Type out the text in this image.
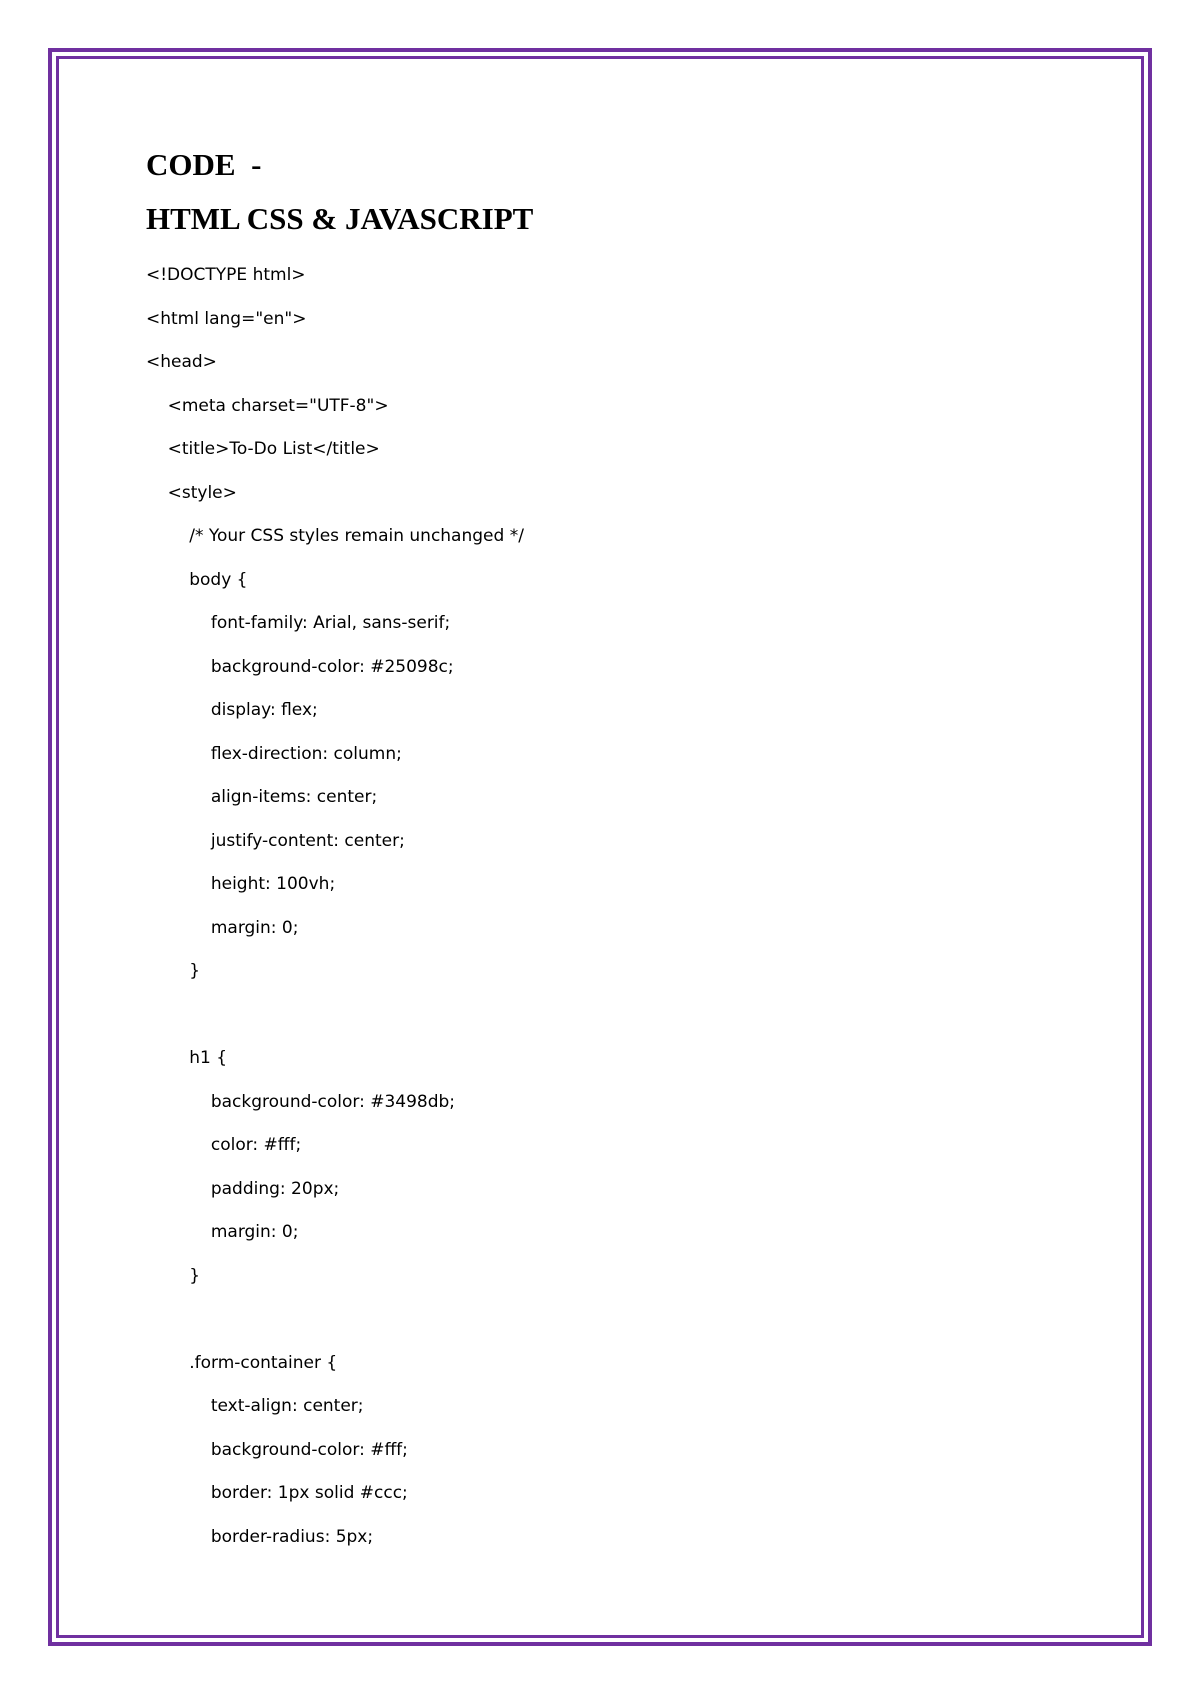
CODE  -
HTML CSS & JAVASCRIPT
<!DOCTYPE html>
<html lang="en">
<head>
<meta charset="UTF-8">
<title>To-Do List</title>
<style>
/* Your CSS styles remain unchanged */
body {
font-family: Arial, sans-serif;
background-color: #25098c;
display: flex;
flex-direction: column;
align-items: center;
justify-content: center;
height: 100vh;
margin: 0;
}
h1 {
background-color: #3498db;
color: #fff;
padding: 20px;
margin: 0;
}
.form-container {
text-align: center;
background-color: #fff;
border: 1px solid #ccc;
border-radius: 5px;
